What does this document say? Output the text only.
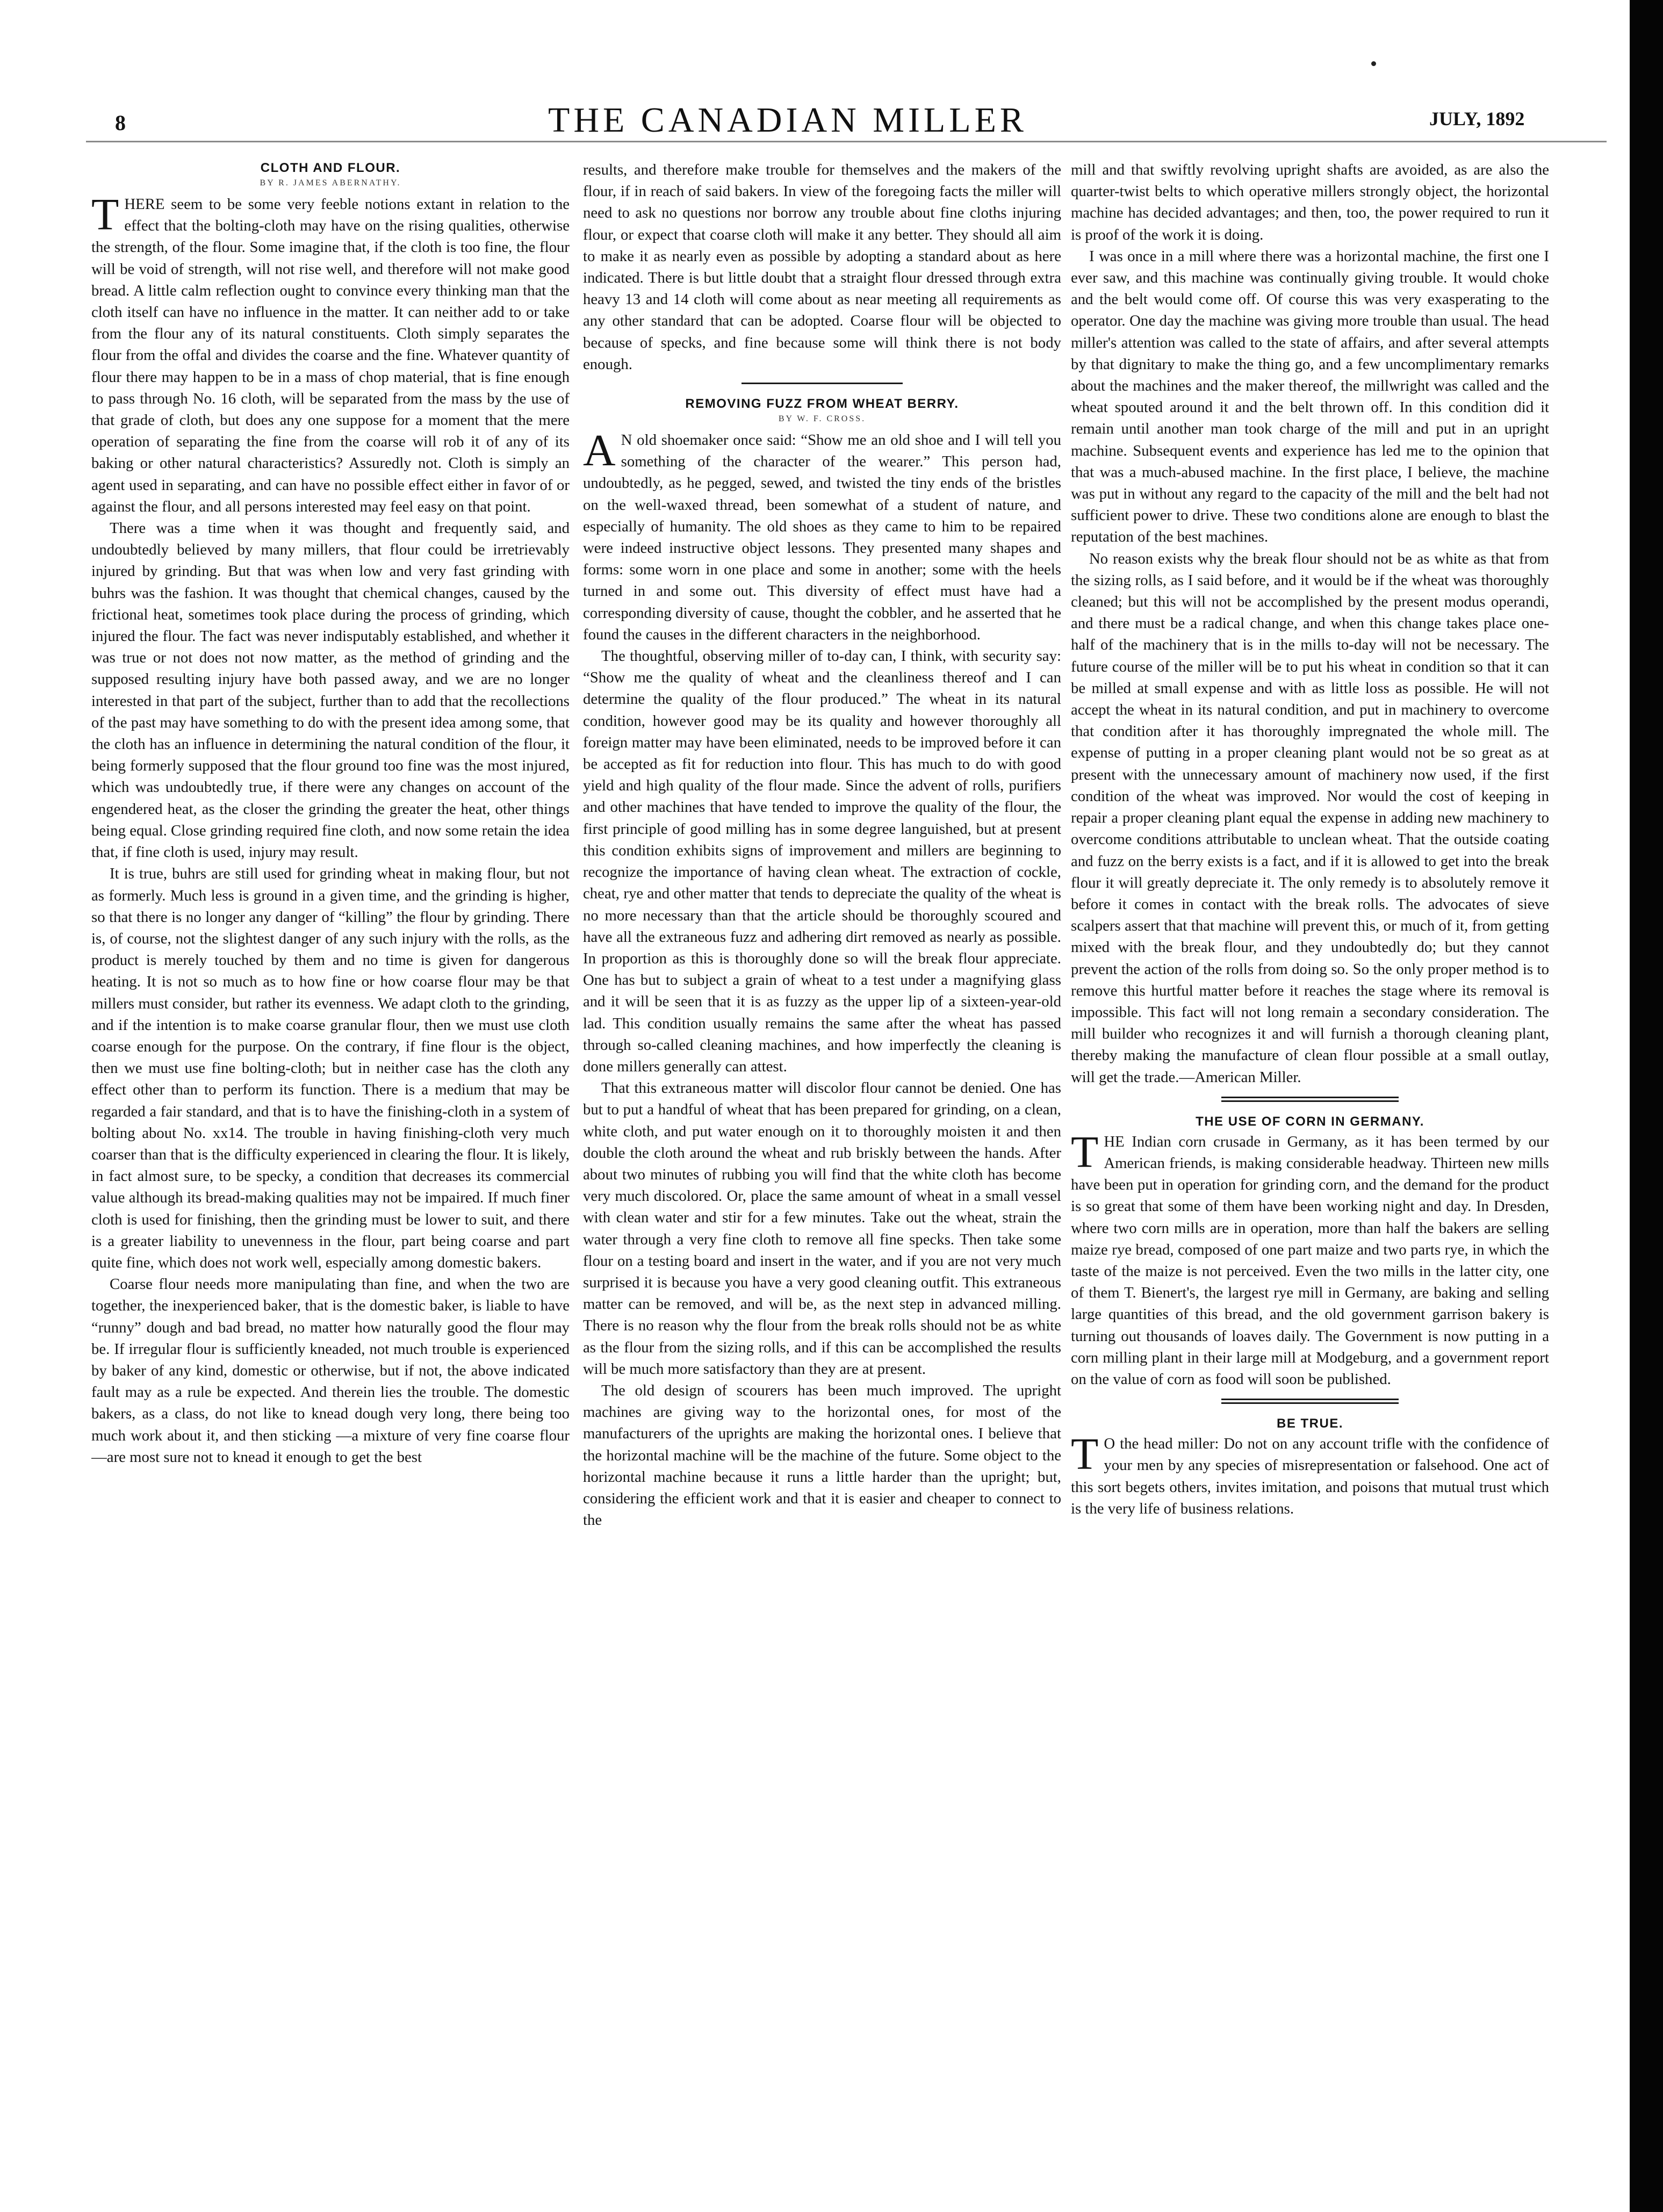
8	THE CANADIAN MILLER	JULY, 1892
CLOTH AND FLOUR.
BY R. JAMES ABERNATHY.

THERE seem to be some very feeble notions extant in relation to the effect that the bolting-cloth may have on the rising qualities, otherwise the strength, of the flour. Some imagine that, if the cloth is too fine, the flour will be void of strength, will not rise well, and therefore will not make good bread. A little calm reflection ought to convince every thinking man that the cloth itself can have no influence in the matter. It can neither add to or take from the flour any of its natural constituents. Cloth simply separates the flour from the offal and divides the coarse and the fine. Whatever quantity of flour there may happen to be in a mass of chop material, that is fine enough to pass through No. 16 cloth, will be separated from the mass by the use of that grade of cloth, but does any one suppose for a moment that the mere operation of separating the fine from the coarse will rob it of any of its baking or other natural characteristics? Assuredly not. Cloth is simply an agent used in separating, and can have no possible effect either in favor of or against the flour, and all persons interested may feel easy on that point.

There was a time when it was thought and frequently said, and undoubtedly believed by many millers, that flour could be irretrievably injured by grinding. But that was when low and very fast grinding with buhrs was the fashion. It was thought that chemical changes, caused by the frictional heat, sometimes took place during the process of grinding, which injured the flour. The fact was never indisputably established, and whether it was true or not does not now matter, as the method of grinding and the supposed resulting injury have both passed away, and we are no longer interested in that part of the subject, further than to add that the recollections of the past may have something to do with the present idea among some, that the cloth has an influence in determining the natural condition of the flour, it being formerly supposed that the flour ground too fine was the most injured, which was undoubtedly true, if there were any changes on account of the engendered heat, as the closer the grinding the greater the heat, other things being equal. Close grinding required fine cloth, and now some retain the idea that, if fine cloth is used, injury may result.

It is true, buhrs are still used for grinding wheat in making flour, but not as formerly. Much less is ground in a given time, and the grinding is higher, so that there is no longer any danger of “killing” the flour by grinding. There is, of course, not the slightest danger of any such injury with the rolls, as the product is merely touched by them and no time is given for dangerous heating. It is not so much as to how fine or how coarse flour may be that millers must consider, but rather its evenness. We adapt cloth to the grinding, and if the intention is to make coarse granular flour, then we must use cloth coarse enough for the purpose. On the contrary, if fine flour is the object, then we must use fine bolting-cloth; but in neither case has the cloth any effect other than to perform its function. There is a medium that may be regarded a fair standard, and that is to have the finishing-cloth in a system of bolting about No. xx14. The trouble in having finishing-cloth very much coarser than that is the difficulty experienced in clearing the flour. It is likely, in fact almost sure, to be specky, a condition that decreases its commercial value although its bread-making qualities may not be impaired. If much finer cloth is used for finishing, then the grinding must be lower to suit, and there is a greater liability to unevenness in the flour, part being coarse and part quite fine, which does not work well, especially among domestic bakers.

Coarse flour needs more manipulating than fine, and when the two are together, the inexperienced baker, that is the domestic baker, is liable to have “runny” dough and bad bread, no matter how naturally good the flour may be. If irregular flour is sufficiently kneaded, not much trouble is experienced by baker of any kind, domestic or otherwise, but if not, the above indicated fault may as a rule be expected. And therein lies the trouble. The domestic bakers, as a class, do not like to knead dough very long, there being too much work about it, and then sticking —a mixture of very fine coarse flour —are most sure not to knead it enough to get the best

results, and therefore make trouble for themselves and the makers of the flour, if in reach of said bakers. In view of the foregoing facts the miller will need to ask no questions nor borrow any trouble about fine cloths injuring flour, or expect that coarse cloth will make it any better. They should all aim to make it as nearly even as possible by adopting a standard about as here indicated. There is but little doubt that a straight flour dressed through extra heavy 13 and 14 cloth will come about as near meeting all requirements as any other standard that can be adopted. Coarse flour will be objected to because of specks, and fine because some will think there is not body enough.

REMOVING FUZZ FROM WHEAT BERRY.
BY W. F. CROSS.

A N old shoemaker once said: “Show me an old shoe and I will tell you something of the character of the wearer.” This person had, undoubtedly, as he pegged, sewed, and twisted the tiny ends of the bristles on the well-waxed thread, been somewhat of a student of nature, and especially of humanity. The old shoes as they came to him to be repaired were indeed instructive object lessons. They presented many shapes and forms: some worn in one place and some in another; some with the heels turned in and some out. This diversity of effect must have had a corresponding diversity of cause, thought the cobbler, and he asserted that he found the causes in the different characters in the neighborhood.

The thoughtful, observing miller of to-day can, I think, with security say: “Show me the quality of wheat and the cleanliness thereof and I can determine the quality of the flour produced.” The wheat in its natural condition, however good may be its quality and however thoroughly all foreign matter may have been eliminated, needs to be improved before it can be accepted as fit for reduction into flour. This has much to do with good yield and high quality of the flour made. Since the advent of rolls, purifiers and other machines that have tended to improve the quality of the flour, the first principle of good milling has in some degree languished, but at present this condition exhibits signs of improvement and millers are beginning to recognize the importance of having clean wheat. The extraction of cockle, cheat, rye and other matter that tends to depreciate the quality of the wheat is no more necessary than that the article should be thoroughly scoured and have all the extraneous fuzz and adhering dirt removed as nearly as possible. In proportion as this is thoroughly done so will the break flour appreciate. One has but to subject a grain of wheat to a test under a magnifying glass and it will be seen that it is as fuzzy as the upper lip of a sixteen-year-old lad. This condition usually remains the same after the wheat has passed through so-called cleaning machines, and how imperfectly the cleaning is done millers generally can attest.

That this extraneous matter will discolor flour cannot be denied. One has but to put a handful of wheat that has been prepared for grinding, on a clean, white cloth, and put water enough on it to thoroughly moisten it and then double the cloth around the wheat and rub briskly between the hands. After about two minutes of rubbing you will find that the white cloth has become very much discolored. Or, place the same amount of wheat in a small vessel with clean water and stir for a few minutes. Take out the wheat, strain the water through a very fine cloth to remove all fine specks. Then take some flour on a testing board and insert in the water, and if you are not very much surprised it is because you have a very good cleaning outfit. This extraneous matter can be removed, and will be, as the next step in advanced milling. There is no reason why the flour from the break rolls should not be as white as the flour from the sizing rolls, and if this can be accomplished the results will be much more satisfactory than they are at present.

The old design of scourers has been much improved. The upright machines are giving way to the horizontal ones, for most of the manufacturers of the uprights are making the horizontal ones. I believe that the horizontal machine will be the machine of the future. Some object to the horizontal machine because it runs a little harder than the upright; but, considering the efficient work and that it is easier and cheaper to connect to the

mill and that swiftly revolving upright shafts are avoided, as are also the quarter-twist belts to which operative millers strongly object, the horizontal machine has decided advantages; and then, too, the power required to run it is proof of the work it is doing.

I was once in a mill where there was a horizontal machine, the first one I ever saw, and this machine was continually giving trouble. It would choke and the belt would come off. Of course this was very exasperating to the operator. One day the machine was giving more trouble than usual. The head miller's attention was called to the state of affairs, and after several attempts by that dignitary to make the thing go, and a few uncomplimentary remarks about the machines and the maker thereof, the millwright was called and the wheat spouted around it and the belt thrown off. In this condition did it remain until another man took charge of the mill and put in an upright machine. Subsequent events and experience has led me to the opinion that that was a much-abused machine. In the first place, I believe, the machine was put in without any regard to the capacity of the mill and the belt had not sufficient power to drive. These two conditions alone are enough to blast the reputation of the best machines.

No reason exists why the break flour should not be as white as that from the sizing rolls, as I said before, and it would be if the wheat was thoroughly cleaned; but this will not be accomplished by the present modus operandi, and there must be a radical change, and when this change takes place one-half of the machinery that is in the mills to-day will not be necessary. The future course of the miller will be to put his wheat in condition so that it can be milled at small expense and with as little loss as possible. He will not accept the wheat in its natural condition, and put in machinery to overcome that condition after it has thoroughly impregnated the whole mill. The expense of putting in a proper cleaning plant would not be so great as at present with the unnecessary amount of machinery now used, if the first condition of the wheat was improved. Nor would the cost of keeping in repair a proper cleaning plant equal the expense in adding new machinery to overcome conditions attributable to unclean wheat. That the outside coating and fuzz on the berry exists is a fact, and if it is allowed to get into the break flour it will greatly depreciate it. The only remedy is to absolutely remove it before it comes in contact with the break rolls. The advocates of sieve scalpers assert that that machine will prevent this, or much of it, from getting mixed with the break flour, and they undoubtedly do; but they cannot prevent the action of the rolls from doing so. So the only proper method is to remove this hurtful matter before it reaches the stage where its removal is impossible. This fact will not long remain a secondary consideration. The mill builder who recognizes it and will furnish a thorough cleaning plant, thereby making the manufacture of clean flour possible at a small outlay, will get the trade.—American Miller.

THE USE OF CORN IN GERMANY.

THE Indian corn crusade in Germany, as it has been termed by our American friends, is making considerable headway. Thirteen new mills have been put in operation for grinding corn, and the demand for the product is so great that some of them have been working night and day. In Dresden, where two corn mills are in operation, more than half the bakers are selling maize rye bread, composed of one part maize and two parts rye, in which the taste of the maize is not perceived. Even the two mills in the latter city, one of them T. Bienert's, the largest rye mill in Germany, are baking and selling large quantities of this bread, and the old government garrison bakery is turning out thousands of loaves daily. The Government is now putting in a corn milling plant in their large mill at Modgeburg, and a government report on the value of corn as food will soon be published.

BE TRUE.

T O the head miller: Do not on any account trifle with the confidence of your men by any species of misrepresentation or falsehood. One act of this sort begets others, invites imitation, and poisons that mutual trust which is the very life of business relations.
